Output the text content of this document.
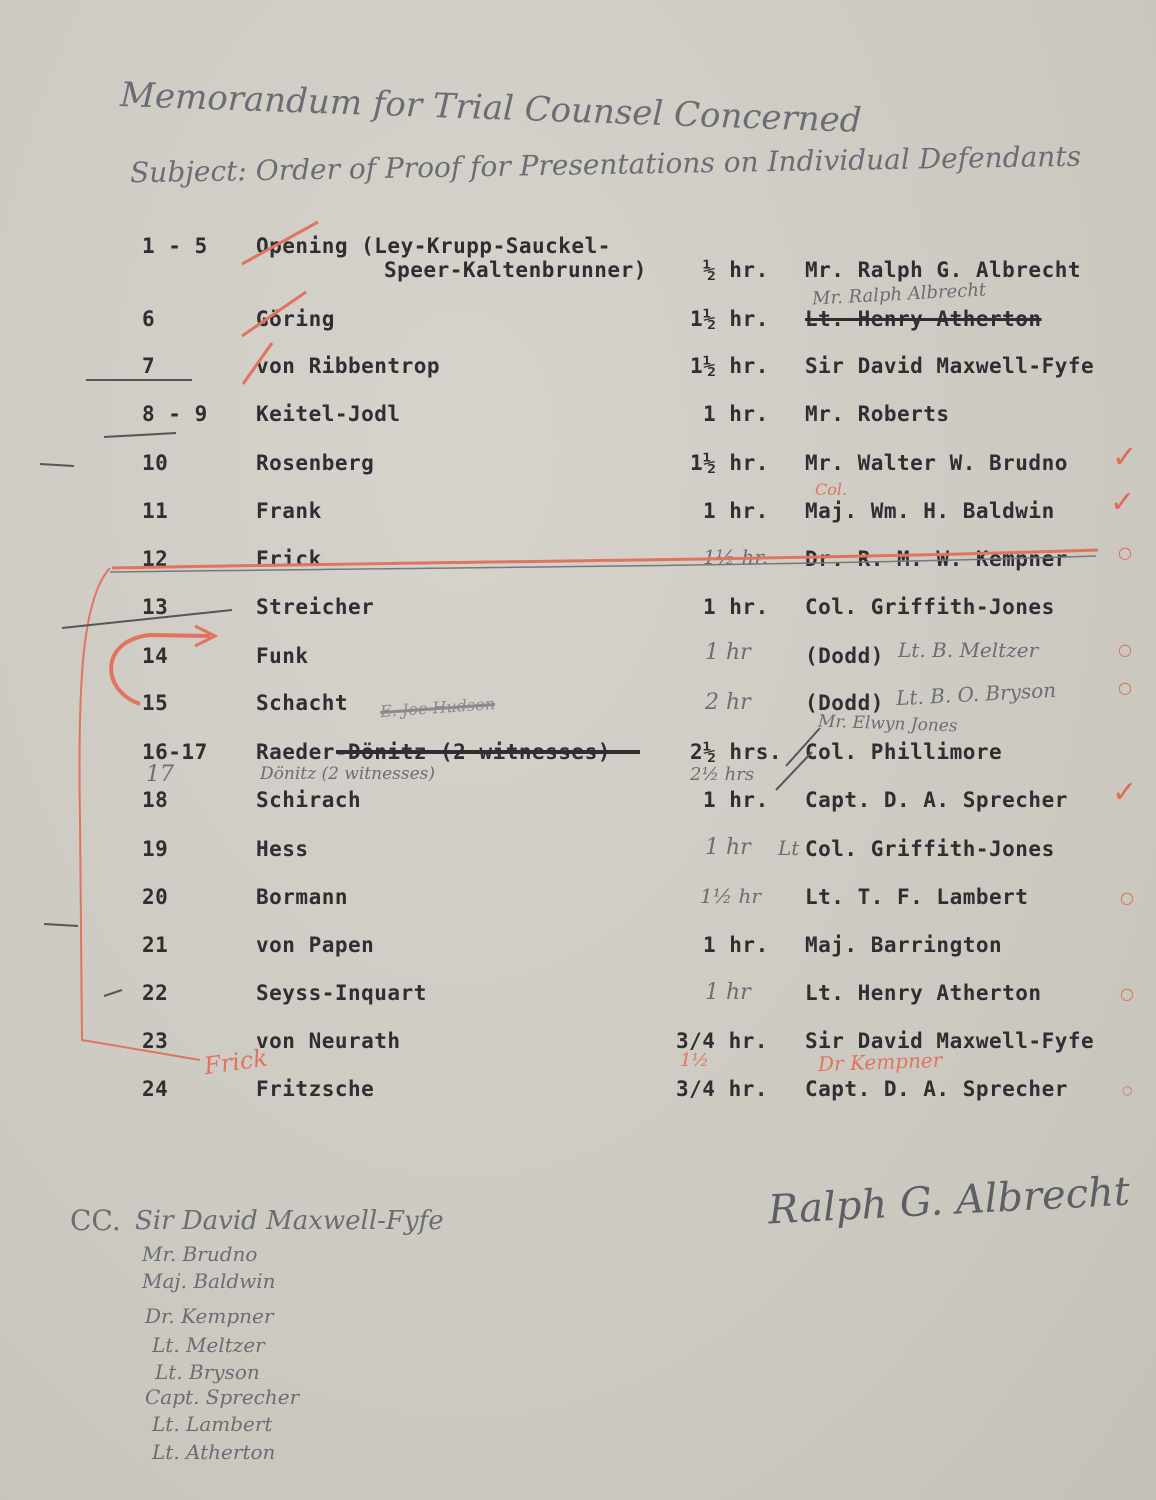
Memorandum for Trial Counsel Concerned
Subject: Order of Proof for Presentations on Individual Defendants
1 - 5 Opening (Ley-Krupp-Sauckel-
Speer-Kaltenbrunner)	½ hr. Mr. Ralph G. Albrecht
6	Göring	1½ hr. Lt. Henry Atherton
7	von Ribbentrop	1½ hr. Sir David Maxwell-Fyfe
8 - 9 Keitel-Jodl	1 hr. Mr. Roberts
10	Rosenberg	1½ hr. Mr. Walter W. Brudno
11	Frank	1 hr. Maj. Wm. H. Baldwin
12	Frick	1½ hr. Dr. R. M. W. Kempner
13	Streicher	1 hr. Col. Griffith-Jones
14	Funk	1 hr	(Dodd)
15	Schacht	2 hr	(Dodd)
16-17 Raeder-Dönitz (2 witnesses)	2½ hrs. Col. Phillimore
18	Schirach	1 hr. Capt. D. A. Sprecher
19	Hess	1 hr	Col. Griffith-Jones
20	Bormann	1½ hr Lt. T. F. Lambert
21	von Papen	1 hr. Maj. Barrington
22	Seyss-Inquart	1 hr	Lt. Henry Atherton
23	von Neurath	3/4 hr. Sir David Maxwell-Fyfe
24	Fritzsche	3/4 hr. Capt. D. A. Sprecher
Mr. Ralph Albrecht
Col.
Lt
Lt. B. Meltzer
Lt. B. O. Bryson
Mr. Elwyn Jones
Dönitz (2 witnesses)
17	2½ hrs
E. Joe Hudson
Frick	1½	Dr Kempner
✓
✓
✓
○
○
○
○
○
○
Ralph G. Albrecht
CC. Sir David Maxwell-Fyfe
Mr. Brudno
Maj. Baldwin
Dr. Kempner
Lt. Meltzer
Lt. Bryson
Capt. Sprecher
Lt. Lambert
Lt. Atherton
